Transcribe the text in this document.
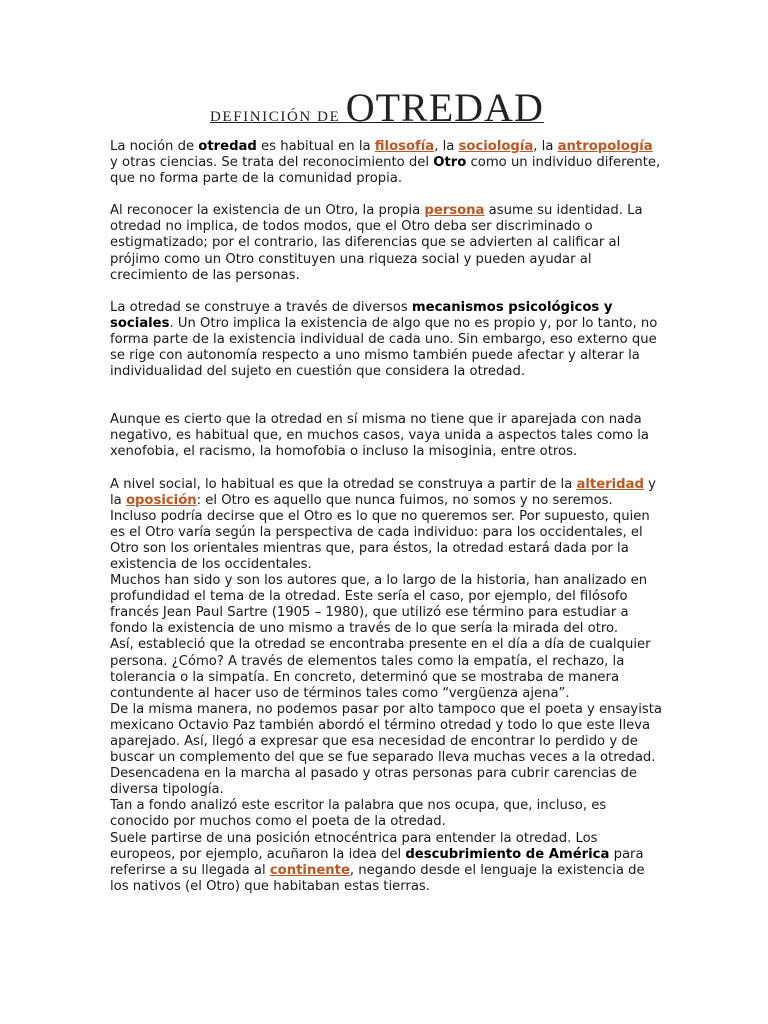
DEFINICIÓN DE OTREDAD

La noción de otredad es habitual en la filosofía, la sociología, la antropología y otras ciencias. Se trata del reconocimiento del Otro como un individuo diferente, que no forma parte de la comunidad propia.

Al reconocer la existencia de un Otro, la propia persona asume su identidad. La otredad no implica, de todos modos, que el Otro deba ser discriminado o estigmatizado; por el contrario, las diferencias que se advierten al calificar al prójimo como un Otro constituyen una riqueza social y pueden ayudar al crecimiento de las personas.

La otredad se construye a través de diversos mecanismos psicológicos y sociales. Un Otro implica la existencia de algo que no es propio y, por lo tanto, no forma parte de la existencia individual de cada uno. Sin embargo, eso externo que se rige con autonomía respecto a uno mismo también puede afectar y alterar la individualidad del sujeto en cuestión que considera la otredad.

Aunque es cierto que la otredad en sí misma no tiene que ir aparejada con nada negativo, es habitual que, en muchos casos, vaya unida a aspectos tales como la xenofobia, el racismo, la homofobia o incluso la misoginia, entre otros.

A nivel social, lo habitual es que la otredad se construya a partir de la alteridad y la oposición: el Otro es aquello que nunca fuimos, no somos y no seremos. Incluso podría decirse que el Otro es lo que no queremos ser. Por supuesto, quien es el Otro varía según la perspectiva de cada individuo: para los occidentales, el Otro son los orientales mientras que, para éstos, la otredad estará dada por la existencia de los occidentales.

Muchos han sido y son los autores que, a lo largo de la historia, han analizado en profundidad el tema de la otredad. Este sería el caso, por ejemplo, del filósofo francés Jean Paul Sartre (1905 – 1980), que utilizó ese término para estudiar a fondo la existencia de uno mismo a través de lo que sería la mirada del otro.

Así, estableció que la otredad se encontraba presente en el día a día de cualquier persona. ¿Cómo? A través de elementos tales como la empatía, el rechazo, la tolerancia o la simpatía. En concreto, determinó que se mostraba de manera contundente al hacer uso de términos tales como “vergüenza ajena”.

De la misma manera, no podemos pasar por alto tampoco que el poeta y ensayista mexicano Octavio Paz también abordó el término otredad y todo lo que este lleva aparejado. Así, llegó a expresar que esa necesidad de encontrar lo perdido y de buscar un complemento del que se fue separado lleva muchas veces a la otredad. Desencadena en la marcha al pasado y otras personas para cubrir carencias de diversa tipología.

Tan a fondo analizó este escritor la palabra que nos ocupa, que, incluso, es conocido por muchos como el poeta de la otredad.

Suele partirse de una posición etnocéntrica para entender la otredad. Los europeos, por ejemplo, acuñaron la idea del descubrimiento de América para referirse a su llegada al continente, negando desde el lenguaje la existencia de los nativos (el Otro) que habitaban estas tierras.
